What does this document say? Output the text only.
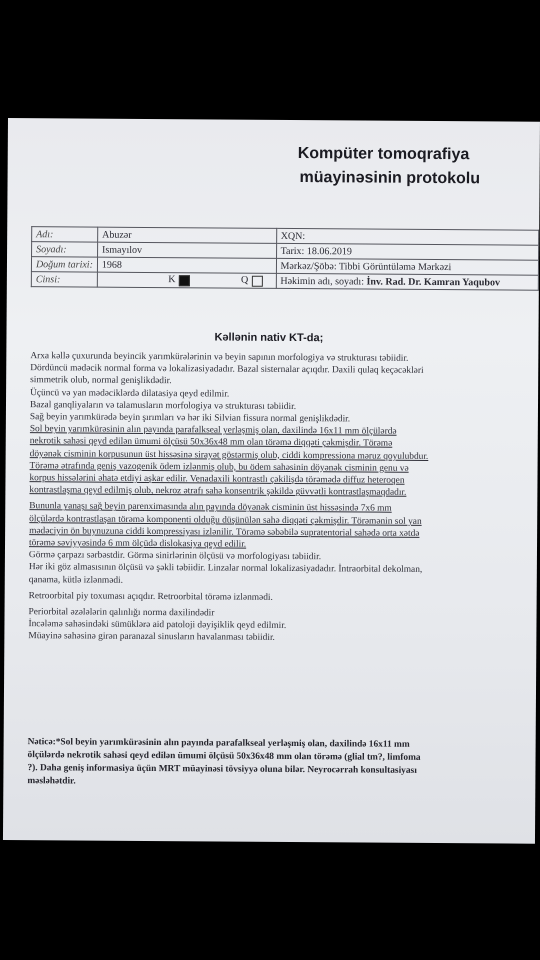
Kompüter tomoqrafiya
müayinəsinin protokolu
Adı:	Abuzər	XQN:
Soyadı:	Ismayılov	Tarix: 18.06.2019
Doğum tarixi:	1968	Mərkəz/Şöbə: Tibbi Görüntüləmə Mərkəzi
Cinsi:	K Q	Həkimin adı, soyadı: İnv. Rad. Dr. Kamran Yaqubov
Kəllənin nativ KT-da;
Arxa kəllə çuxurunda beyincik yarımkürələrinin və beyin sapının morfologiya və strukturası təbiidir.
Dördüncü mədəcik normal forma və lokalizasiyadadır. Bazal sisternalar açıqdır. Daxili qulaq keçəcəkləri
simmetrik olub, normal genişlikdədir.
Üçüncü və yan mədəciklərdə dilatasiya qeyd edilmir.
Bazal ganqliyaların və talamusların morfologiya və strukturası təbiidir.
Sağ beyin yarımkürədə beyin şırımları və hər iki Silvian fissura normal genişlikdədir.
Sol beyin yarımkürəsinin alın payında parafalkseal yerləşmiş olan, daxilində 16x11 mm ölçülərdə
nekrotik sahəsi qeyd edilən ümumi ölçüsü 50x36x48 mm olan törəmə diqqəti çəkmişdir. Törəmə
döyənək cisminin korpusunun üst hissəsinə sirayət göstərmiş olub, ciddi kompressiona məruz qoyulubdur.
Törəmə ətrafında geniş vazogenik ödem izlənmiş olub, bu ödem sahəsinin döyənək cisminin genu və
korpus hissələrini əhatə etdiyi aşkar edilir. Venadaxili kontrastlı çəkilişdə törəmədə diffuz heteroqen
kontrastlaşma qeyd edilmiş olub, nekroz ətrafı sahə konsentrik şəkildə güvvətli kontrastlaşmaqdadır.
Bununla yanaşı sağ beyin parenximasında alın payında döyənək cisminin üst hissəsində 7x6 mm
ölçülərdə kontrastlaşan törəmə komponenti olduğu düşünülən sahə diqqəti çəkmişdir. Törəmənin sol yan
mədəciyin ön buynuzuna ciddi kompressiyası izlənilir. Törəmə səbəbilə supratentorial sahədə orta xətdə
törəmə səviyyəsində 6 mm ölçüdə dislokasiya qeyd edilir.
Görmə çarpazı sərbəstdir. Görmə sinirlərinin ölçüsü və morfologiyası təbiidir.
Hər iki göz almasısının ölçüsü və şəkli təbiidir. Linzalar normal lokalizasiyadadır. İntraorbital dekolman,
qanama, kütlə izlənmədi.
Retroorbital piy toxuması açıqdır. Retroorbital törəmə izlənmədi.
Periorbital əzələlərin qalınlığı norma daxilindədir
İncələmə sahəsindəki sümüklərə aid patoloji dəyişiklik qeyd edilmir.
Müayinə sahəsinə girən paranazal sinusların havalanması təbiidir.
Nəticə:*Sol beyin yarımkürəsinin alın payında parafalkseal yerləşmiş olan, daxilində 16x11 mm
ölçülərdə nekrotik sahəsi qeyd edilən ümumi ölçüsü 50x36x48 mm olan törəmə (glial tm?, limfoma
?). Daha geniş informasiya üçün MRT müayinəsi tövsiyyə oluna bilər. Neyrocərrah konsultasiyası
məsləhətdir.
